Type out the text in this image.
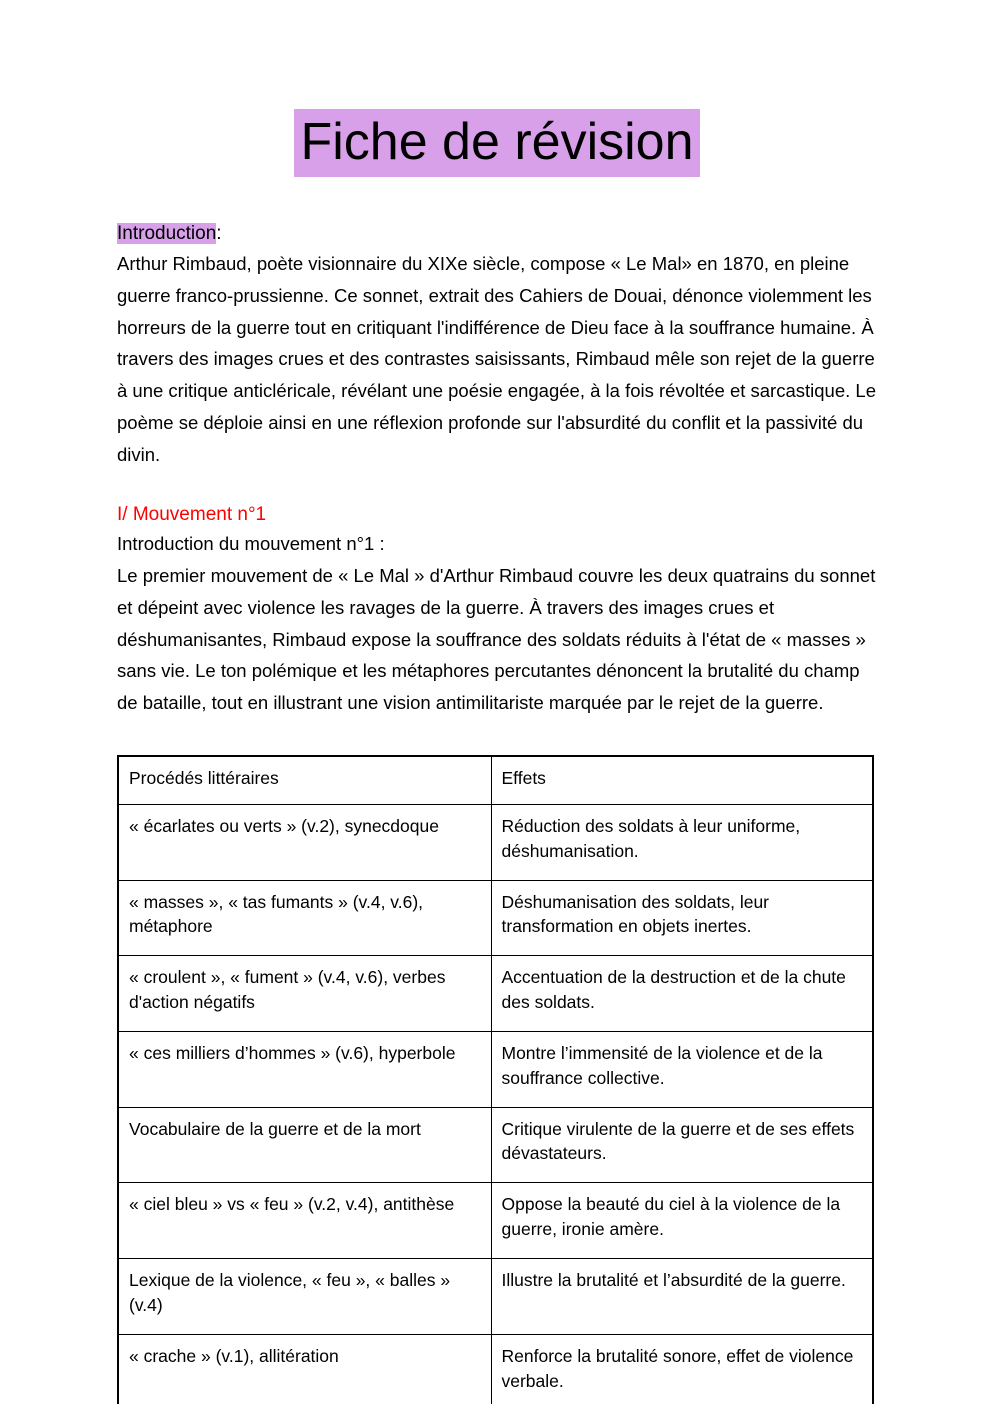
Fiche de révision
Introduction:

Arthur Rimbaud, poète visionnaire du XIXe siècle, compose « Le Mal» en 1870, en pleine guerre franco-prussienne. Ce sonnet, extrait des Cahiers de Douai, dénonce violemment les horreurs de la guerre tout en critiquant l'indifférence de Dieu face à la souffrance humaine. À travers des images crues et des contrastes saisissants, Rimbaud mêle son rejet de la guerre à une critique anticléricale, révélant une poésie engagée, à la fois révoltée et sarcastique. Le poème se déploie ainsi en une réflexion profonde sur l'absurdité du conflit et la passivité du divin.

I/ Mouvement n°1

Introduction du mouvement n°1 :

Le premier mouvement de « Le Mal » d'Arthur Rimbaud couvre les deux quatrains du sonnet et dépeint avec violence les ravages de la guerre. À travers des images crues et déshumanisantes, Rimbaud expose la souffrance des soldats réduits à l'état de « masses » sans vie. Le ton polémique et les métaphores percutantes dénoncent la brutalité du champ de bataille, tout en illustrant une vision antimilitariste marquée par le rejet de la guerre.

Procédés littéraires	Effets
« écarlates ou verts » (v.2), synecdoque	Réduction des soldats à leur uniforme, déshumanisation.
« masses », « tas fumants » (v.4, v.6), métaphore	Déshumanisation des soldats, leur transformation en objets inertes.
« croulent », « fument » (v.4, v.6), verbes d'action négatifs	Accentuation de la destruction et de la chute des soldats.
« ces milliers d’hommes » (v.6), hyperbole	Montre l’immensité de la violence et de la souffrance collective.
Vocabulaire de la guerre et de la mort	Critique virulente de la guerre et de ses effets dévastateurs.
« ciel bleu » vs « feu » (v.2, v.4), antithèse	Oppose la beauté du ciel à la violence de la guerre, ironie amère.
Lexique de la violence, « feu », « balles » (v.4)	Illustre la brutalité et l’absurdité de la guerre.
« crache » (v.1), allitération	Renforce la brutalité sonore, effet de violence verbale.
